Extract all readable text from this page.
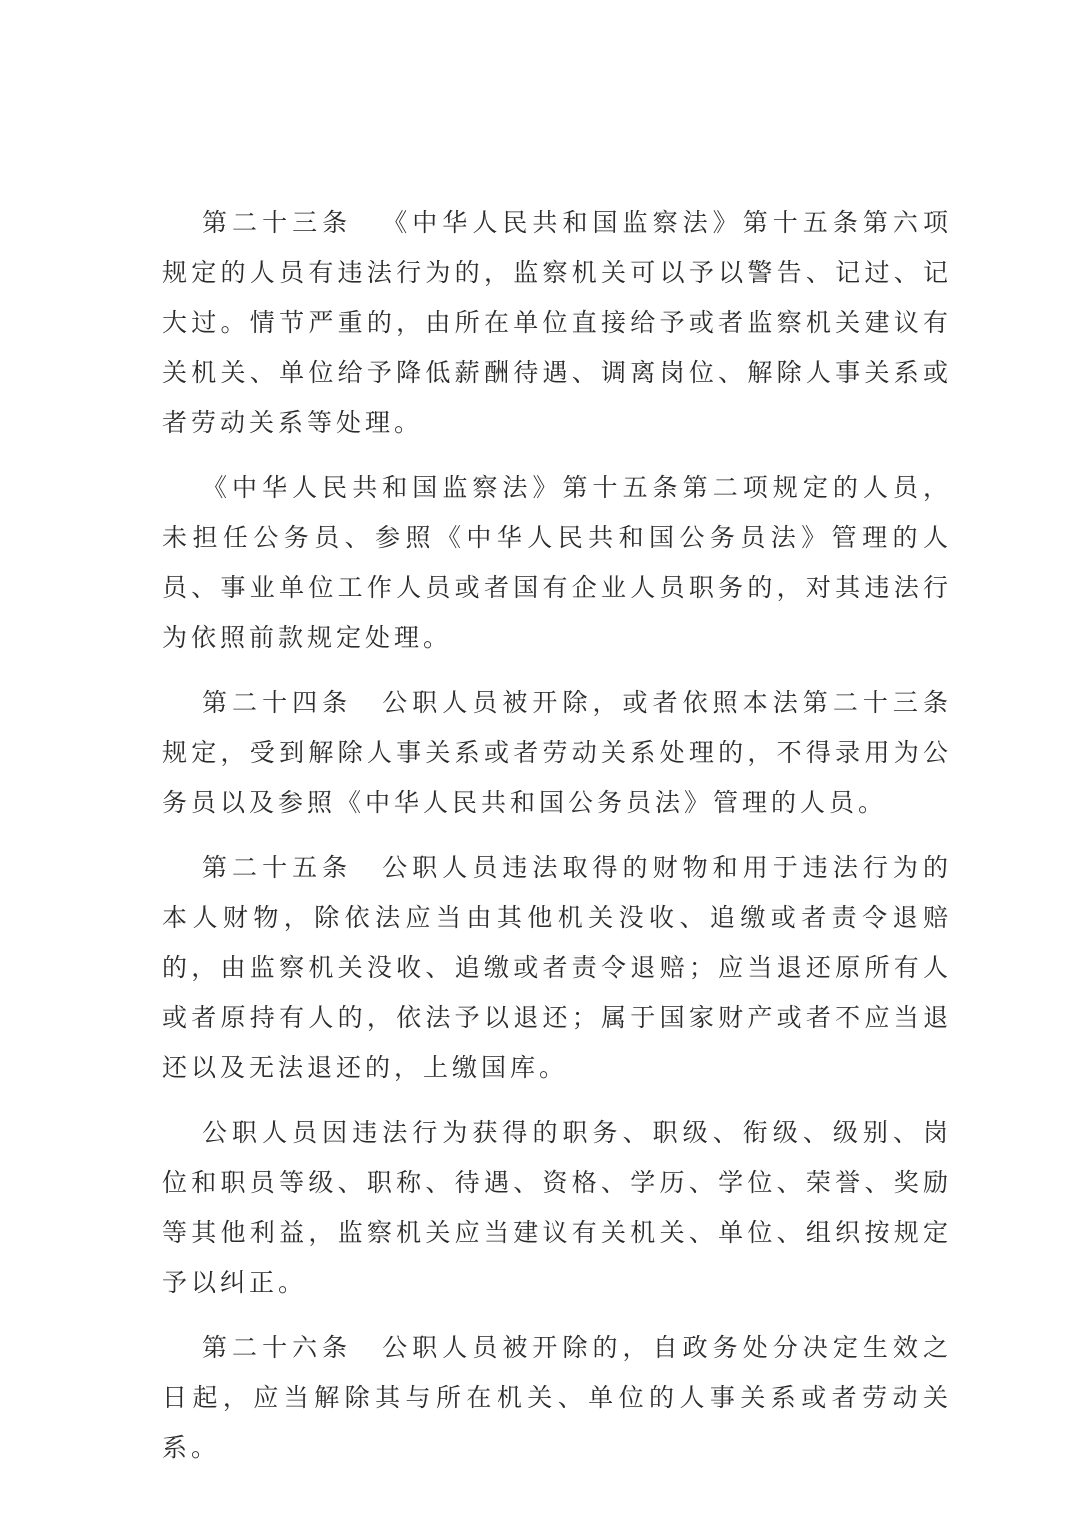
第二十三条 《中华人民共和国监察法》第十五条第六项规定的人员有违法行为的，监察机关可以予以警告、记过、记大过。情节严重的，由所在单位直接给予或者监察机关建议有关机关、单位给予降低薪酬待遇、调离岗位、解除人事关系或者劳动关系等处理。

《中华人民共和国监察法》第十五条第二项规定的人员，未担任公务员、参照《中华人民共和国公务员法》管理的人员、事业单位工作人员或者国有企业人员职务的，对其违法行为依照前款规定处理。

第二十四条 公职人员被开除，或者依照本法第二十三条规定，受到解除人事关系或者劳动关系处理的，不得录用为公务员以及参照《中华人民共和国公务员法》管理的人员。

第二十五条 公职人员违法取得的财物和用于违法行为的本人财物，除依法应当由其他机关没收、追缴或者责令退赔的，由监察机关没收、追缴或者责令退赔；应当退还原所有人或者原持有人的，依法予以退还；属于国家财产或者不应当退还以及无法退还的，上缴国库。

公职人员因违法行为获得的职务、职级、衔级、级别、岗位和职员等级、职称、待遇、资格、学历、学位、荣誉、奖励等其他利益，监察机关应当建议有关机关、单位、组织按规定予以纠正。

第二十六条 公职人员被开除的，自政务处分决定生效之日起，应当解除其与所在机关、单位的人事关系或者劳动关系。
